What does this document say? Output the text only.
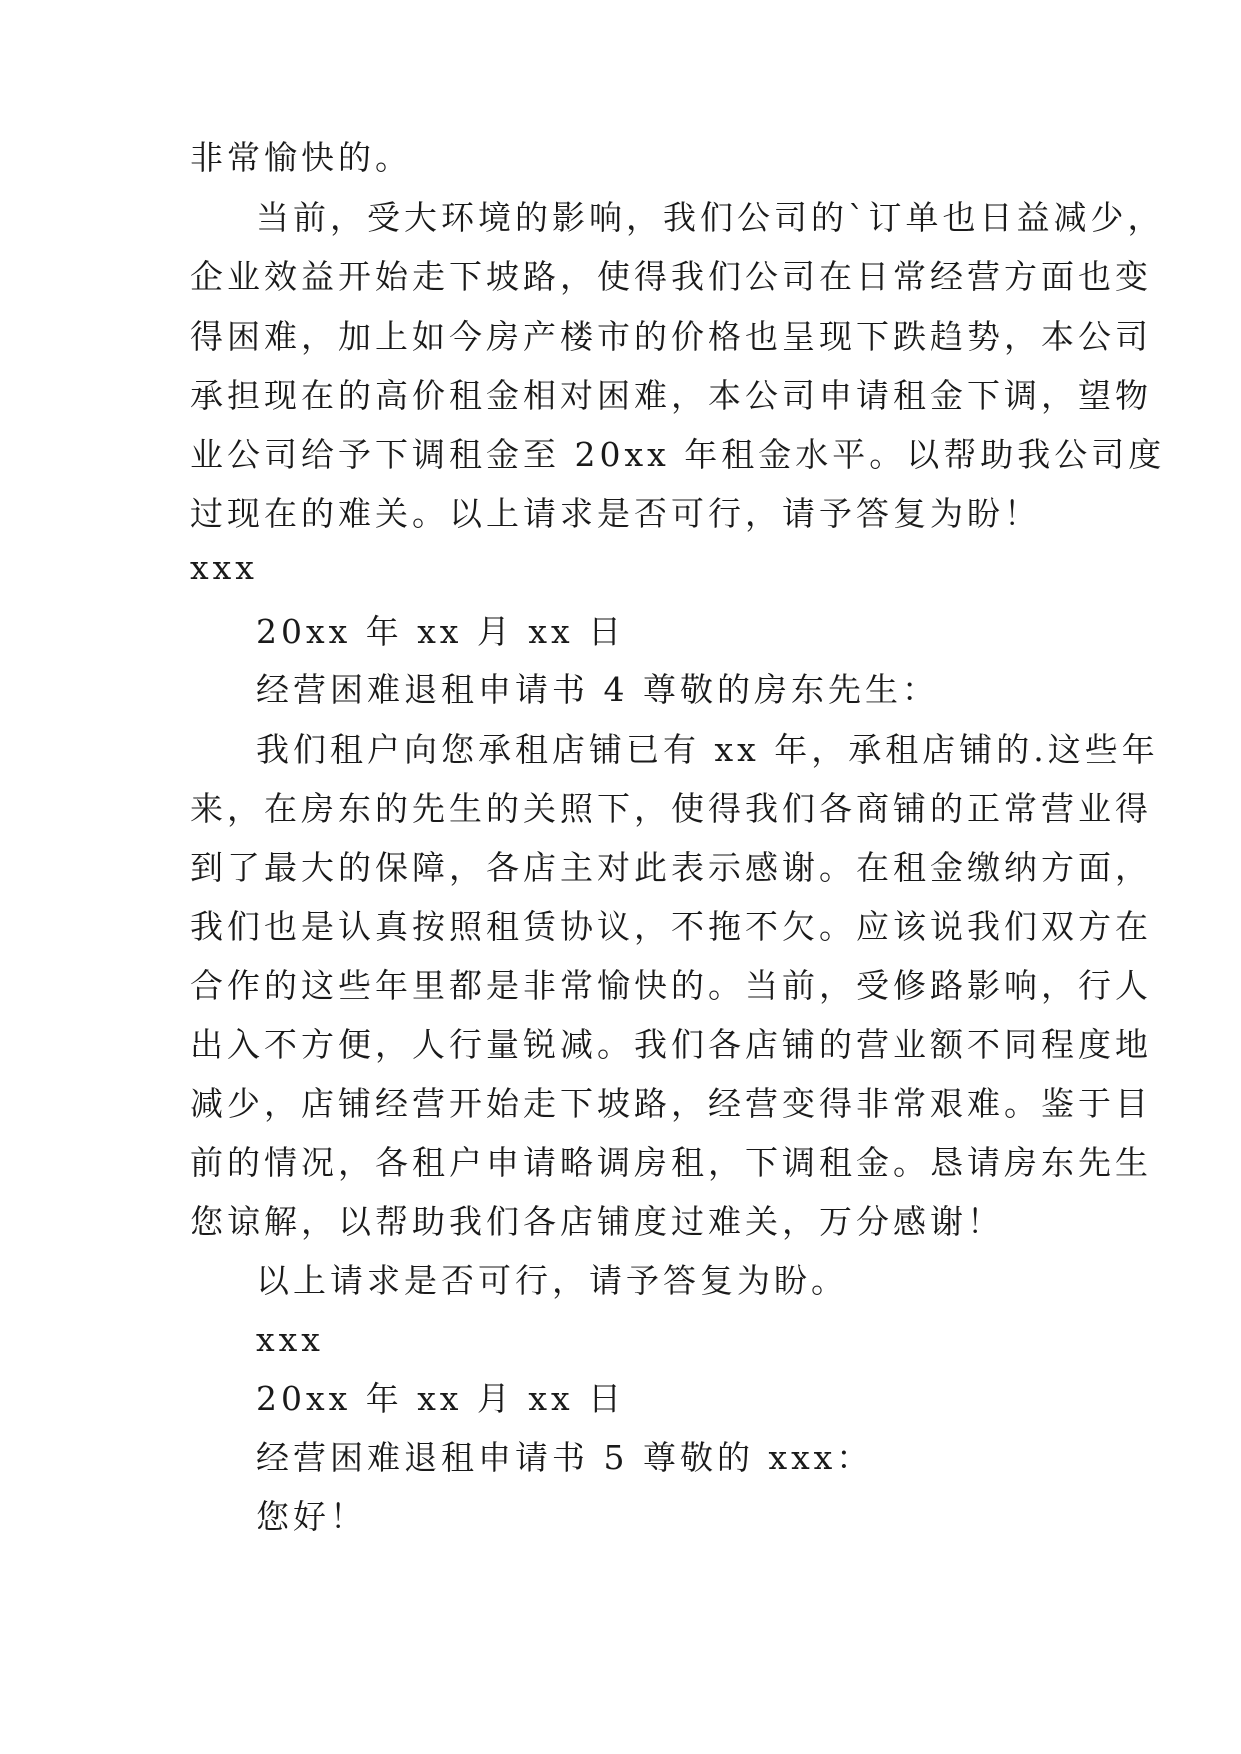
非常愉快的。
当前，受大环境的影响，我们公司的`订单也日益减少，
企业效益开始走下坡路，使得我们公司在日常经营方面也变
得困难，加上如今房产楼市的价格也呈现下跌趋势，本公司
承担现在的高价租金相对困难，本公司申请租金下调，望物
业公司给予下调租金至 20xx 年租金水平。以帮助我公司度
过现在的难关。以上请求是否可行，请予答复为盼！
xxx
20xx 年 xx 月 xx 日
经营困难退租申请书 4 尊敬的房东先生：
我们租户向您承租店铺已有 xx 年，承租店铺的.这些年
来，在房东的先生的关照下，使得我们各商铺的正常营业得
到了最大的保障，各店主对此表示感谢。在租金缴纳方面，
我们也是认真按照租赁协议，不拖不欠。应该说我们双方在
合作的这些年里都是非常愉快的。当前，受修路影响，行人
出入不方便，人行量锐减。我们各店铺的营业额不同程度地
减少，店铺经营开始走下坡路，经营变得非常艰难。鉴于目
前的情况，各租户申请略调房租，下调租金。恳请房东先生
您谅解，以帮助我们各店铺度过难关，万分感谢！
以上请求是否可行，请予答复为盼。
xxx
20xx 年 xx 月 xx 日
经营困难退租申请书 5 尊敬的 xxx：
您好！
